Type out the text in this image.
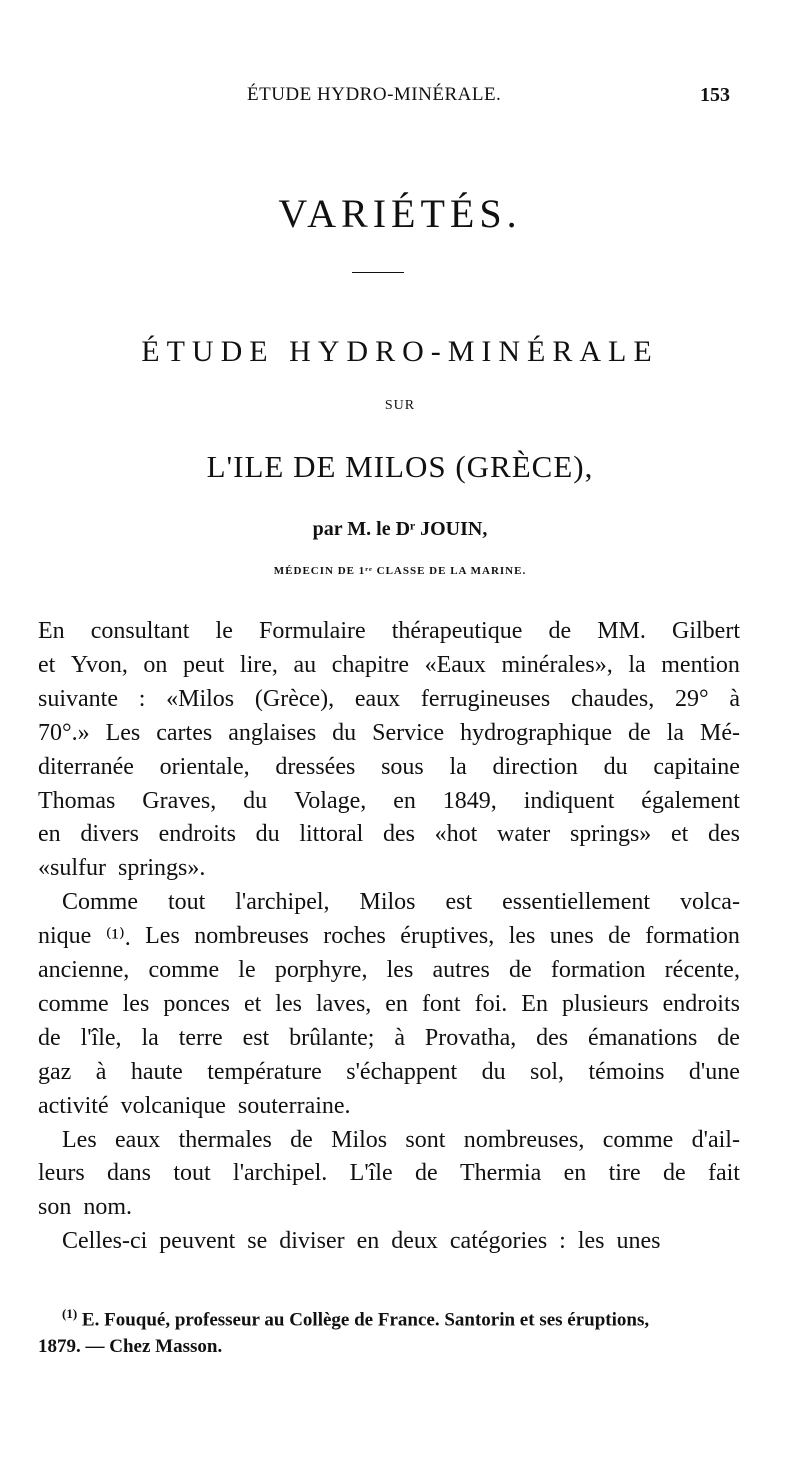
ÉTUDE HYDRO-MINÉRALE.	153
VARIÉTÉS.
ÉTUDE HYDRO-MINÉRALE
SUR
L'ILE DE MILOS (GRÈCE),
par M. le Dʳ JOUIN,
MÉDECIN DE 1ʳᵉ CLASSE DE LA MARINE.
En consultant le Formulaire thérapeutique de MM. Gilbert
et Yvon, on peut lire, au chapitre «Eaux minérales», la mention
suivante : «Milos (Grèce), eaux ferrugineuses chaudes, 29° à
70°.» Les cartes anglaises du Service hydrographique de la Mé-
diterranée orientale, dressées sous la direction du capitaine
Thomas Graves, du Volage, en 1849, indiquent également
en divers endroits du littoral des «hot water springs» et des
«sulfur springs».
Comme tout l'archipel, Milos est essentiellement volca-
nique ⁽¹⁾. Les nombreuses roches éruptives, les unes de formation
ancienne, comme le porphyre, les autres de formation récente,
comme les ponces et les laves, en font foi. En plusieurs endroits
de l'île, la terre est brûlante; à Provatha, des émanations de
gaz à haute température s'échappent du sol, témoins d'une
activité volcanique souterraine.
Les eaux thermales de Milos sont nombreuses, comme d'ail-
leurs dans tout l'archipel. L'île de Thermia en tire de fait
son nom.
Celles-ci peuvent se diviser en deux catégories : les unes
$^{(1)}$ E. Fouqué, professeur au Collège de France. Santorin et ses éruptions,
1879. — Chez Masson.
